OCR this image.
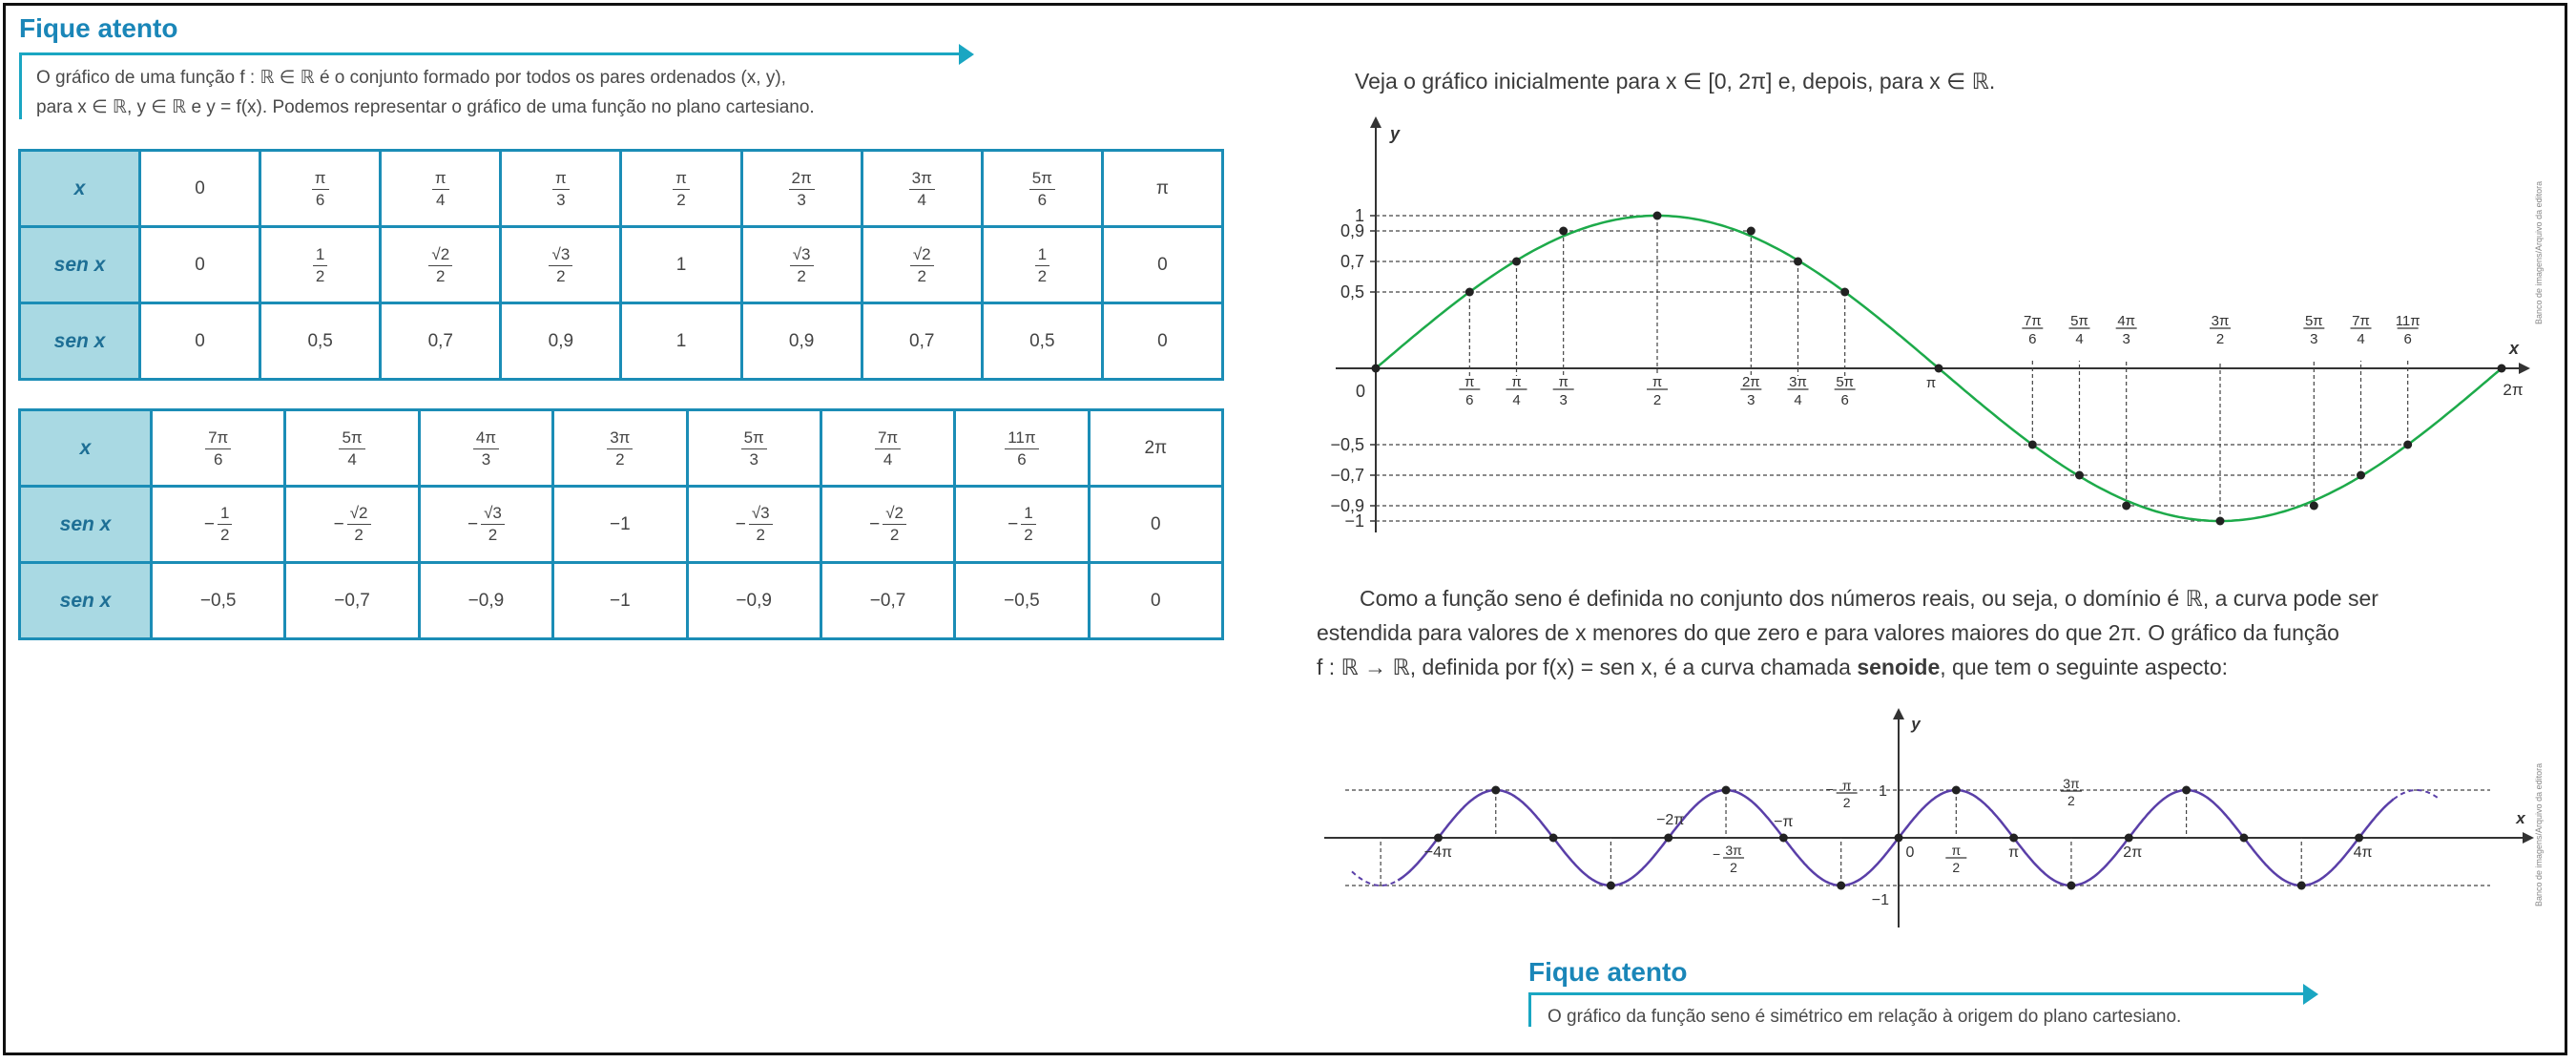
Fique atento
O gráfico de uma função f : ℝ ∈ ℝ é o conjunto formado por todos os pares ordenados (x, y),
para x ∈ ℝ, y ∈ ℝ e y = f(x). Podemos representar o gráfico de uma função no plano cartesiano.
x	0	$\frac{\pi}{6}$	$\frac{\pi}{4}$	$\frac{\pi}{3}$	$\frac{\pi}{2}$	$\frac{2\pi}{3}$	$\frac{3\pi}{4}$	$\frac{5\pi}{6}$	π
sen x	0	$\frac{1}{2}$	$\frac{√2}{2}$	$\frac{√3}{2}$	1	$\frac{√3}{2}$	$\frac{√2}{2}$	$\frac{1}{2}$	0
sen x	0	0,5	0,7	0,9	1	0,9	0,7	0,5	0
x	$\frac{7\pi}{6}$	$\frac{5\pi}{4}$	$\frac{4\pi}{3}$	$\frac{3\pi}{2}$	$\frac{5\pi}{3}$	$\frac{7\pi}{4}$	$\frac{11\pi}{6}$	2π
sen x	− $\frac{1}{2}$	− $\frac{√2}{2}$	− $\frac{√3}{2}$	−1	− $\frac{√3}{2}$	− $\frac{√2}{2}$	− $\frac{1}{2}$	0
sen x	−0,5	−0,7	−0,9	−1	−0,9	−0,7	−0,5	0
Veja o gráfico inicialmente para x ∈ [0, 2π] e, depois, para x ∈ ℝ.
x
y
0
1
0,9
0,7
0,5
−0,5
−0,7
−0,9
−1
π
6
π
4
π
3
π
2
2π
3
3π
4
5π
6
7π
6
5π
4
4π
3
3π
2
5π
3
7π
4
11π
6
π	2π
Como a função seno é definida no conjunto dos números reais, ou seja, o domínio é ℝ, a curva pode ser
estendida para valores de x menores do que zero e para valores maiores do que 2π. O gráfico da função
f : ℝ → ℝ, definida por f(x) = sen x, é a curva chamada senoide, que tem o seguinte aspecto:
x
y
1
−1
0
−4π
−2π	−π
π	2π	4π
− π
2
− 3π
2
π
2
3π
2
Banco de imagens/Arquivo da editora
Banco de imagens/Arquivo da editora
Fique atento
O gráfico da função seno é simétrico em relação à origem do plano cartesiano.
